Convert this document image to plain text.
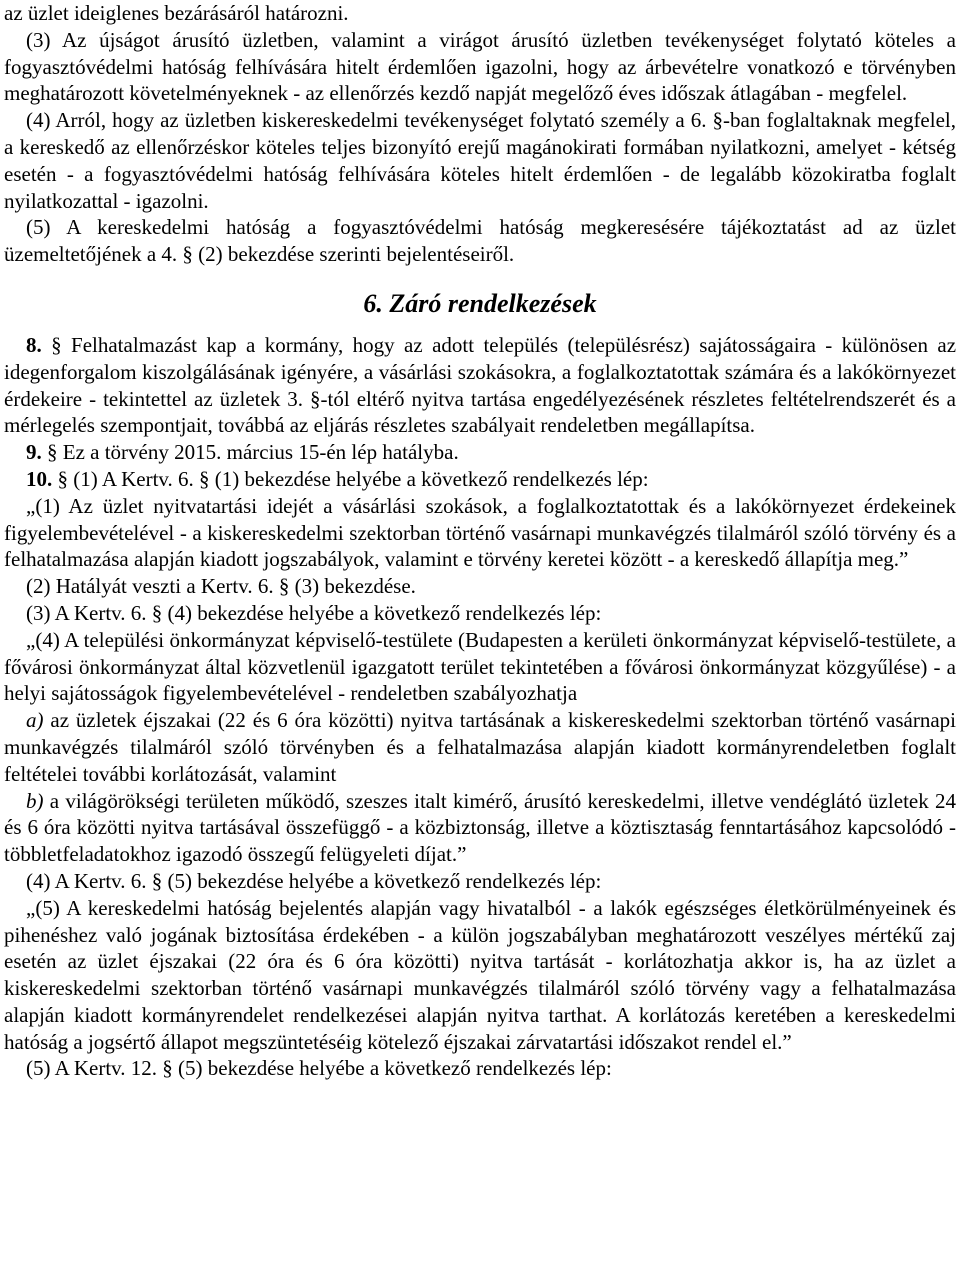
az üzlet ideiglenes bezárásáról határozni.

(3) Az újságot árusító üzletben, valamint a virágot árusító üzletben tevékenységet folytató köteles a fogyasztóvédelmi hatóság felhívására hitelt érdemlően igazolni, hogy az árbevételre vonatkozó e törvényben meghatározott követelményeknek - az ellenőrzés kezdő napját megelőző éves időszak átlagában - megfelel.

(4) Arról, hogy az üzletben kiskereskedelmi tevékenységet folytató személy a 6. §-ban foglaltaknak megfelel, a kereskedő az ellenőrzéskor köteles teljes bizonyító erejű magánokirati formában nyilatkozni, amelyet - kétség esetén - a fogyasztóvédelmi hatóság felhívására köteles hitelt érdemlően - de legalább közokiratba foglalt nyilatkozattal - igazolni.

(5) A kereskedelmi hatóság a fogyasztóvédelmi hatóság megkeresésére tájékoztatást ad az üzlet üzemeltetőjének a 4. § (2) bekezdése szerinti bejelentéseiről.

6. Záró rendelkezések

8. § Felhatalmazást kap a kormány, hogy az adott település (településrész) sajátosságaira - különösen az idegenforgalom kiszolgálásának igényére, a vásárlási szokásokra, a foglalkoztatottak számára és a lakókörnyezet érdekeire - tekintettel az üzletek 3. §-tól eltérő nyitva tartása engedélyezésének részletes feltételrendszerét és a mérlegelés szempontjait, továbbá az eljárás részletes szabályait rendeletben megállapítsa.

9. § Ez a törvény 2015. március 15-én lép hatályba.

10. § (1) A Kertv. 6. § (1) bekezdése helyébe a következő rendelkezés lép:

„(1) Az üzlet nyitvatartási idejét a vásárlási szokások, a foglalkoztatottak és a lakókörnyezet érdekeinek figyelembevételével - a kiskereskedelmi szektorban történő vasárnapi munkavégzés tilalmáról szóló törvény és a felhatalmazása alapján kiadott jogszabályok, valamint e törvény keretei között - a kereskedő állapítja meg.”

(2) Hatályát veszti a Kertv. 6. § (3) bekezdése.

(3) A Kertv. 6. § (4) bekezdése helyébe a következő rendelkezés lép:

„(4) A települési önkormányzat képviselő-testülete (Budapesten a kerületi önkormányzat képviselő-testülete, a fővárosi önkormányzat által közvetlenül igazgatott terület tekintetében a fővárosi önkormányzat közgyűlése) - a helyi sajátosságok figyelembevételével - rendeletben szabályozhatja

a) az üzletek éjszakai (22 és 6 óra közötti) nyitva tartásának a kiskereskedelmi szektorban történő vasárnapi munkavégzés tilalmáról szóló törvényben és a felhatalmazása alapján kiadott kormányrendeletben foglalt feltételei további korlátozását, valamint

b) a világörökségi területen működő, szeszes italt kimérő, árusító kereskedelmi, illetve vendéglátó üzletek 24 és 6 óra közötti nyitva tartásával összefüggő - a közbiztonság, illetve a köztisztaság fenntartásához kapcsolódó - többletfeladatokhoz igazodó összegű felügyeleti díjat.”

(4) A Kertv. 6. § (5) bekezdése helyébe a következő rendelkezés lép:

„(5) A kereskedelmi hatóság bejelentés alapján vagy hivatalból - a lakók egészséges életkörülményeinek és pihenéshez való jogának biztosítása érdekében - a külön jogszabályban meghatározott veszélyes mértékű zaj esetén az üzlet éjszakai (22 óra és 6 óra közötti) nyitva tartását - korlátozhatja akkor is, ha az üzlet a kiskereskedelmi szektorban történő vasárnapi munkavégzés tilalmáról szóló törvény vagy a felhatalmazása alapján kiadott kormányrendelet rendelkezései alapján nyitva tarthat. A korlátozás keretében a kereskedelmi hatóság a jogsértő állapot megszüntetéséig kötelező éjszakai zárvatartási időszakot rendel el.”

(5) A Kertv. 12. § (5) bekezdése helyébe a következő rendelkezés lép:
